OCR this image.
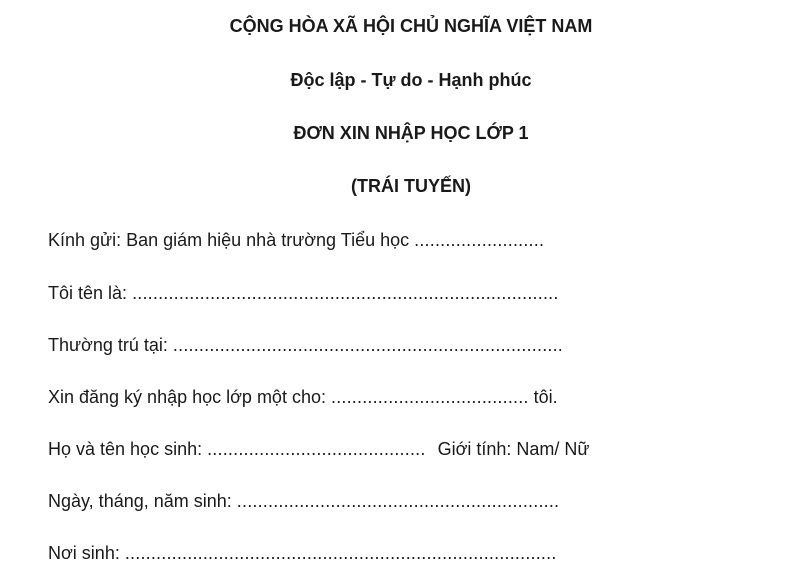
CỘNG HÒA XÃ HỘI CHỦ NGHĨA VIỆT NAM
Độc lập - Tự do - Hạnh phúc
ĐƠN XIN NHẬP HỌC LỚP 1
(TRÁI TUYẾN)
Kính gửi: Ban giám hiệu nhà trường Tiểu học .........................
Tôi tên là: ..................................................................................
Thường trú tại: ...........................................................................
Xin đăng ký nhập học lớp một cho: ...................................... tôi.
Họ và tên học sinh: .......................................... Giới tính: Nam/ Nữ
Ngày, tháng, năm sinh: ..............................................................
Nơi sinh: ...................................................................................
